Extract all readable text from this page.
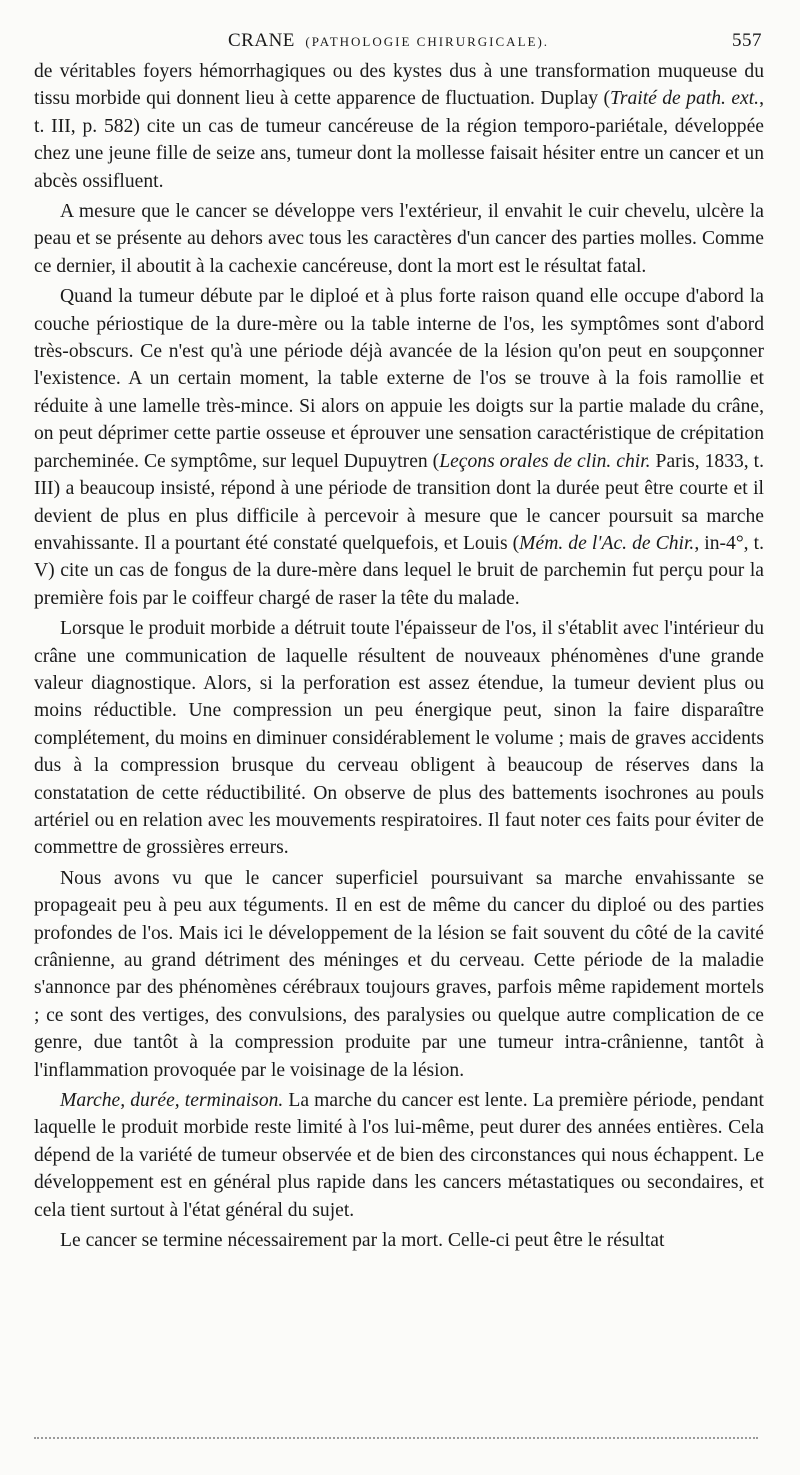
CRANE (PATHOLOGIE CHIRURGICALE).	557

de véritables foyers hémorrhagiques ou des kystes dus à une transformation muqueuse du tissu morbide qui donnent lieu à cette apparence de fluctuation. Duplay (Traité de path. ext., t. III, p. 582) cite un cas de tumeur cancéreuse de la région temporo-pariétale, développée chez une jeune fille de seize ans, tumeur dont la mollesse faisait hésiter entre un cancer et un abcès ossifluent.

A mesure que le cancer se développe vers l'extérieur, il envahit le cuir chevelu, ulcère la peau et se présente au dehors avec tous les caractères d'un cancer des parties molles. Comme ce dernier, il aboutit à la cachexie cancéreuse, dont la mort est le résultat fatal.

Quand la tumeur débute par le diploé et à plus forte raison quand elle occupe d'abord la couche périostique de la dure-mère ou la table interne de l'os, les symptômes sont d'abord très-obscurs. Ce n'est qu'à une période déjà avancée de la lésion qu'on peut en soupçonner l'existence. A un certain moment, la table externe de l'os se trouve à la fois ramollie et réduite à une lamelle très-mince. Si alors on appuie les doigts sur la partie malade du crâne, on peut déprimer cette partie osseuse et éprouver une sensation caractéristique de crépitation parcheminée. Ce symptôme, sur lequel Dupuytren (Leçons orales de clin. chir. Paris, 1833, t. III) a beaucoup insisté, répond à une période de transition dont la durée peut être courte et il devient de plus en plus difficile à percevoir à mesure que le cancer poursuit sa marche envahissante. Il a pourtant été constaté quelquefois, et Louis (Mém. de l'Ac. de Chir., in-4°, t. V) cite un cas de fongus de la dure-mère dans lequel le bruit de parchemin fut perçu pour la première fois par le coiffeur chargé de raser la tête du malade.

Lorsque le produit morbide a détruit toute l'épaisseur de l'os, il s'établit avec l'intérieur du crâne une communication de laquelle résultent de nouveaux phénomènes d'une grande valeur diagnostique. Alors, si la perforation est assez étendue, la tumeur devient plus ou moins réductible. Une compression un peu énergique peut, sinon la faire disparaître complétement, du moins en diminuer considérablement le volume ; mais de graves accidents dus à la compression brusque du cerveau obligent à beaucoup de réserves dans la constatation de cette réductibilité. On observe de plus des battements isochrones au pouls artériel ou en relation avec les mouvements respiratoires. Il faut noter ces faits pour éviter de commettre de grossières erreurs.

Nous avons vu que le cancer superficiel poursuivant sa marche envahissante se propageait peu à peu aux téguments. Il en est de même du cancer du diploé ou des parties profondes de l'os. Mais ici le développement de la lésion se fait souvent du côté de la cavité crânienne, au grand détriment des méninges et du cerveau. Cette période de la maladie s'annonce par des phénomènes cérébraux toujours graves, parfois même rapidement mortels ; ce sont des vertiges, des convulsions, des paralysies ou quelque autre complication de ce genre, due tantôt à la compression produite par une tumeur intra-crânienne, tantôt à l'inflammation provoquée par le voisinage de la lésion.

Marche, durée, terminaison. La marche du cancer est lente. La première période, pendant laquelle le produit morbide reste limité à l'os lui-même, peut durer des années entières. Cela dépend de la variété de tumeur observée et de bien des circonstances qui nous échappent. Le développement est en général plus rapide dans les cancers métastatiques ou secondaires, et cela tient surtout à l'état général du sujet.

Le cancer se termine nécessairement par la mort. Celle-ci peut être le résultat
